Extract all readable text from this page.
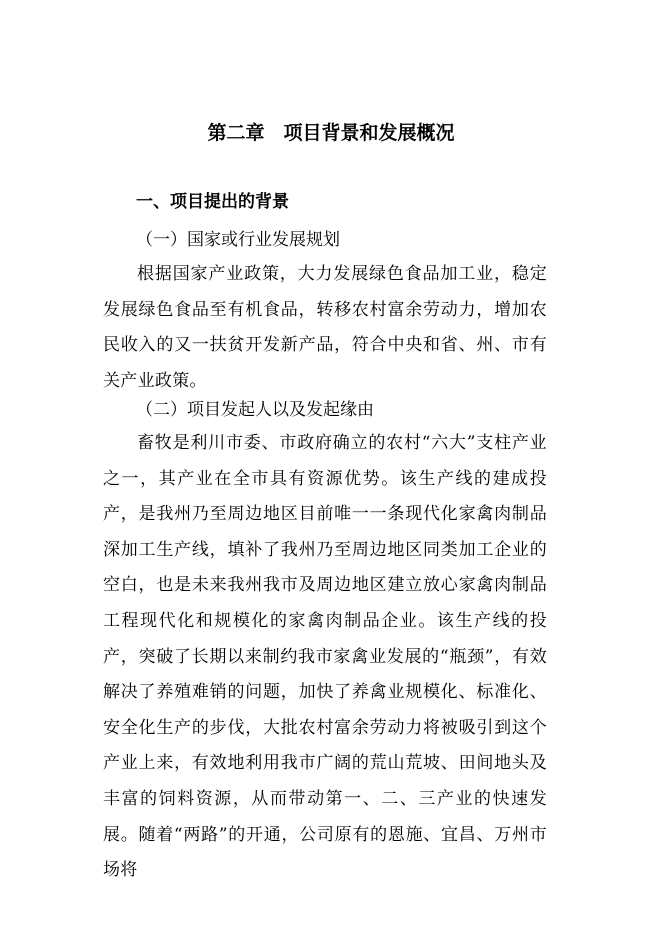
第二章　项目背景和发展概况
一、项目提出的背景
（一）国家或行业发展规划

根据国家产业政策，大力发展绿色食品加工业，稳定发展绿色食品至有机食品，转移农村富余劳动力，增加农民收入的又一扶贫开发新产品，符合中央和省、州、市有关产业政策。

（二）项目发起人以及发起缘由

畜牧是利川市委、市政府确立的农村“六大”支柱产业之一，其产业在全市具有资源优势。该生产线的建成投产，是我州乃至周边地区目前唯一一条现代化家禽肉制品深加工生产线，填补了我州乃至周边地区同类加工企业的空白，也是未来我州我市及周边地区建立放心家禽肉制品工程现代化和规模化的家禽肉制品企业。该生产线的投产，突破了长期以来制约我市家禽业发展的“瓶颈”，有效解决了养殖难销的问题，加快了养禽业规模化、标准化、安全化生产的步伐，大批农村富余劳动力将被吸引到这个产业上来，有效地利用我市广阔的荒山荒坡、田间地头及丰富的饲料资源，从而带动第一、二、三产业的快速发展。随着“两路”的开通，公司原有的恩施、宜昌、万州市场将
